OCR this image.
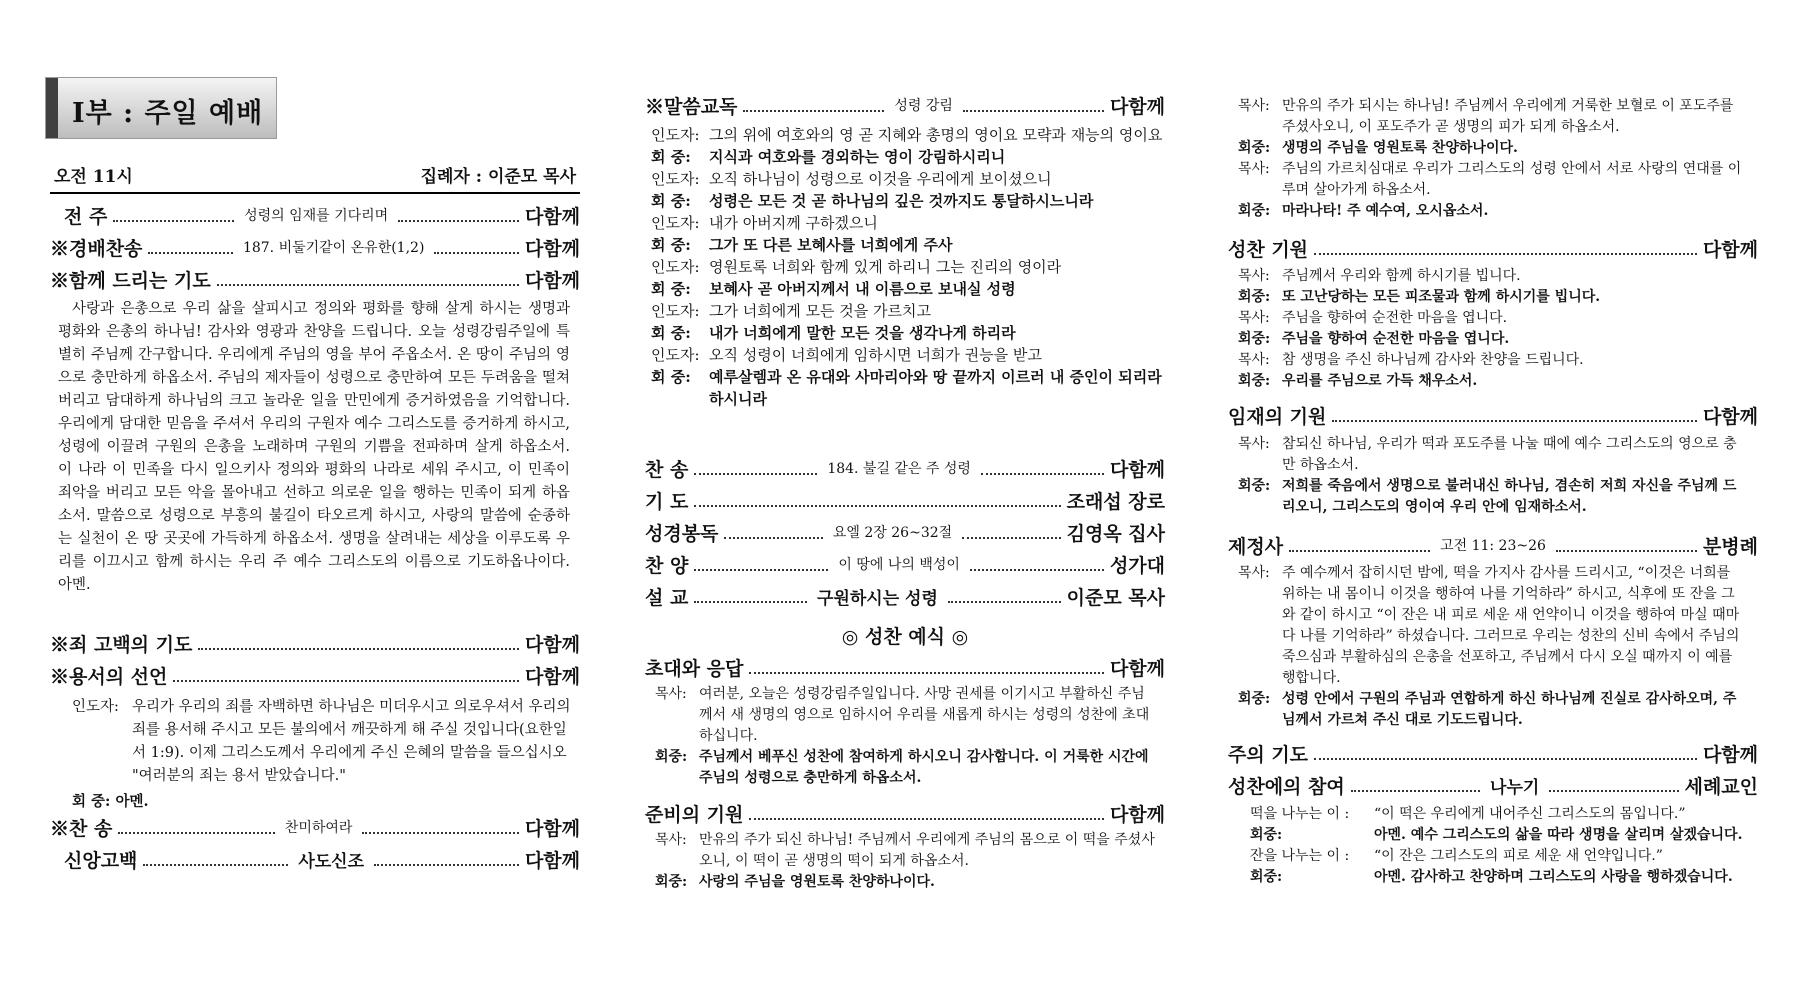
I부 : 주일 예배
오전 11시	집례자 : 이준모 목사
전 주	성령의 임재를 기다리며	다함께
※경배찬송	187. 비둘기같이 온유한(1,2)	다함께
※함께 드리는 기도	다함께
사랑과 은총으로 우리 삶을 살피시고 정의와 평화를 향해 살게 하시는 생명과 평화와 은총의 하나님! 감사와 영광과 찬양을 드립니다. 오늘 성령강림주일에 특별히 주님께 간구합니다. 우리에게 주님의 영을 부어 주옵소서. 온 땅이 주님의 영으로 충만하게 하옵소서. 주님의 제자들이 성령으로 충만하여 모든 두려움을 떨쳐버리고 담대하게 하나님의 크고 놀라운 일을 만민에게 증거하였음을 기억합니다. 우리에게 담대한 믿음을 주셔서 우리의 구원자 예수 그리스도를 증거하게 하시고, 성령에 이끌려 구원의 은총을 노래하며 구원의 기쁨을 전파하며 살게 하옵소서. 이 나라 이 민족을 다시 일으키사 정의와 평화의 나라로 세워 주시고, 이 민족이 죄악을 버리고 모든 악을 몰아내고 선하고 의로운 일을 행하는 민족이 되게 하옵소서. 말씀으로 성령으로 부흥의 불길이 타오르게 하시고, 사랑의 말씀에 순종하는 실천이 온 땅 곳곳에 가득하게 하옵소서. 생명을 살려내는 세상을 이루도록 우리를 이끄시고 함께 하시는 우리 주 예수 그리스도의 이름으로 기도하옵나이다. 아멘.
※죄 고백의 기도	다함께
※용서의 선언	다함께
인도자: 우리가 우리의 죄를 자백하면 하나님은 미더우시고 의로우셔서 우리의 죄를 용서해 주시고 모든 불의에서 깨끗하게 해 주실 것입니다(요한일서 1:9). 이제 그리스도께서 우리에게 주신 은혜의 말씀을 들으십시오 "여러분의 죄는 용서 받았습니다."
회 중: 아멘.
※찬 송	찬미하여라	다함께
신앙고백	사도신조	다함께
※말씀교독	성령 강림	다함께
인도자: 그의 위에 여호와의 영 곧 지혜와 총명의 영이요 모략과 재능의 영이요
회 중:	지식과 여호와를 경외하는 영이 강림하시리니
인도자: 오직 하나님이 성령으로 이것을 우리에게 보이셨으니
회 중:	성령은 모든 것 곧 하나님의 깊은 것까지도 통달하시느니라
인도자: 내가 아버지께 구하겠으니
회 중:	그가 또 다른 보혜사를 너희에게 주사
인도자: 영원토록 너희와 함께 있게 하리니 그는 진리의 영이라
회 중:	보혜사 곧 아버지께서 내 이름으로 보내실 성령
인도자: 그가 너희에게 모든 것을 가르치고
회 중:	내가 너희에게 말한 모든 것을 생각나게 하리라
인도자: 오직 성령이 너희에게 임하시면 너희가 권능을 받고
회 중:	예루살렘과 온 유대와 사마리아와 땅 끝까지 이르러 내 증인이 되리라 하시니라
찬 송	184. 불길 같은 주 성령	다함께
기 도	조래섭 장로
성경봉독	요엘 2장 26~32절	김영옥 집사
찬 양	이 땅에 나의 백성이	성가대
설 교	구원하시는 성령	이준모 목사
◎ 성찬 예식 ◎
초대와 응답	다함께
목사: 여러분, 오늘은 성령강림주일입니다. 사망 권세를 이기시고 부활하신 주님께서 새 생명의 영으로 임하시어 우리를 새롭게 하시는 성령의 성찬에 초대하십니다.
회중: 주님께서 베푸신 성찬에 참여하게 하시오니 감사합니다. 이 거룩한 시간에 주님의 성령으로 충만하게 하옵소서.
준비의 기원	다함께
목사: 만유의 주가 되신 하나님! 주님께서 우리에게 주님의 몸으로 이 떡을 주셨사오니, 이 떡이 곧 생명의 떡이 되게 하옵소서.
회중: 사랑의 주님을 영원토록 찬양하나이다.
목사: 만유의 주가 되시는 하나님! 주님께서 우리에게 거룩한 보혈로 이 포도주를 주셨사오니, 이 포도주가 곧 생명의 피가 되게 하옵소서.
회중: 생명의 주님을 영원토록 찬양하나이다.
목사: 주님의 가르치심대로 우리가 그리스도의 성령 안에서 서로 사랑의 연대를 이루며 살아가게 하옵소서.
회중: 마라나타! 주 예수여, 오시옵소서.
성찬 기원	다함께
목사: 주님께서 우리와 함께 하시기를 빕니다.
회중: 또 고난당하는 모든 피조물과 함께 하시기를 빕니다.
목사: 주님을 향하여 순전한 마음을 엽니다.
회중: 주님을 향하여 순전한 마음을 엽니다.
목사: 참 생명을 주신 하나님께 감사와 찬양을 드립니다.
회중: 우리를 주님으로 가득 채우소서.
임재의 기원	다함께
목사: 참되신 하나님, 우리가 떡과 포도주를 나눌 때에 예수 그리스도의 영으로 충만 하옵소서.
회중: 저희를 죽음에서 생명으로 불러내신 하나님, 겸손히 저희 자신을 주님께 드리오니, 그리스도의 영이여 우리 안에 임재하소서.
제정사	고전 11: 23~26	분병례
목사: 주 예수께서 잡히시던 밤에, 떡을 가지사 감사를 드리시고, “이것은 너희를 위하는 내 몸이니 이것을 행하여 나를 기억하라” 하시고, 식후에 또 잔을 그와 같이 하시고 “이 잔은 내 피로 세운 새 언약이니 이것을 행하여 마실 때마다 나를 기억하라” 하셨습니다. 그러므로 우리는 성찬의 신비 속에서 주님의 죽으심과 부활하심의 은총을 선포하고, 주님께서 다시 오실 때까지 이 예를 행합니다.
회중: 성령 안에서 구원의 주님과 연합하게 하신 하나님께 진실로 감사하오며, 주님께서 가르쳐 주신 대로 기도드립니다.
주의 기도	다함께
성찬에의 참여	나누기	세례교인
떡을 나누는 이 :	“이 떡은 우리에게 내어주신 그리스도의 몸입니다.”
회중:	아멘. 예수 그리스도의 삶을 따라 생명을 살리며 살겠습니다.
잔을 나누는 이 :	“이 잔은 그리스도의 피로 세운 새 언약입니다.”
회중:	아멘. 감사하고 찬양하며 그리스도의 사랑을 행하겠습니다.
